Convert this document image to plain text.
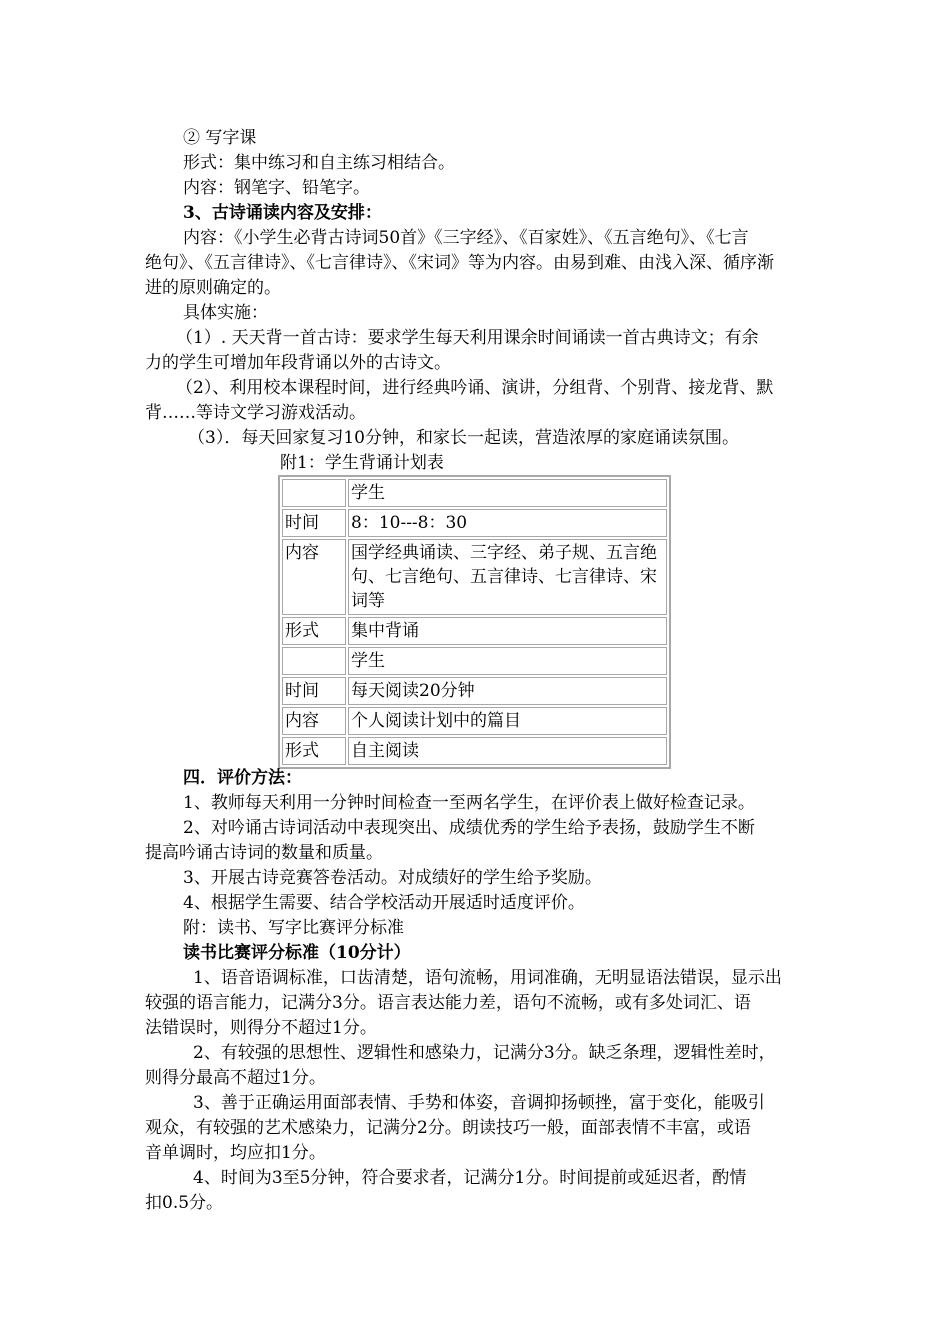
② 写字课
形式：集中练习和自主练习相结合。
内容：钢笔字、铅笔字。
3、古诗诵读内容及安排：
内容：《小学生必背古诗词50首》《三字经》、《百家姓》、《五言绝句》、《七言
绝句》、《五言律诗》、《七言律诗》、《宋词》等为内容。由易到难、由浅入深、循序渐
进的原则确定的。
具体实施：
（1）. 天天背一首古诗：要求学生每天利用课余时间诵读一首古典诗文；有余
力的学生可增加年段背诵以外的古诗文。
（2）、利用校本课程时间，进行经典吟诵、演讲，分组背、个别背、接龙背、默
背……等诗文学习游戏活动。
（3）．每天回家复习10分钟，和家长一起读，营造浓厚的家庭诵读氛围。
附1：学生背诵计划表
	学生
时间	8：10---8：30
内容	国学经典诵读、三字经、弟子规、五言绝句、七言绝句、五言律诗、七言律诗、宋词等
形式	集中背诵
	学生
时间	每天阅读20分钟
内容	个人阅读计划中的篇目
形式	自主阅读
四．评价方法：
1、教师每天利用一分钟时间检查一至两名学生，在评价表上做好检查记录。
2、对吟诵古诗词活动中表现突出、成绩优秀的学生给予表扬，鼓励学生不断
提高吟诵古诗词的数量和质量。
3、开展古诗竞赛答卷活动。对成绩好的学生给予奖励。
4、根据学生需要、结合学校活动开展适时适度评价。
附：读书、写字比赛评分标准
读书比赛评分标准（10分计）
1、语音语调标准，口齿清楚，语句流畅，用词准确，无明显语法错误，显示出
较强的语言能力，记满分3分。语言表达能力差，语句不流畅，或有多处词汇、语
法错误时，则得分不超过1分。
2、有较强的思想性、逻辑性和感染力，记满分3分。缺乏条理，逻辑性差时，
则得分最高不超过1分。
3、善于正确运用面部表情、手势和体姿，音调抑扬顿挫，富于变化，能吸引
观众，有较强的艺术感染力，记满分2分。朗读技巧一般，面部表情不丰富，或语
音单调时，均应扣1分。
4、时间为3至5分钟，符合要求者，记满分1分。时间提前或延迟者，酌情
扣0.5分。
